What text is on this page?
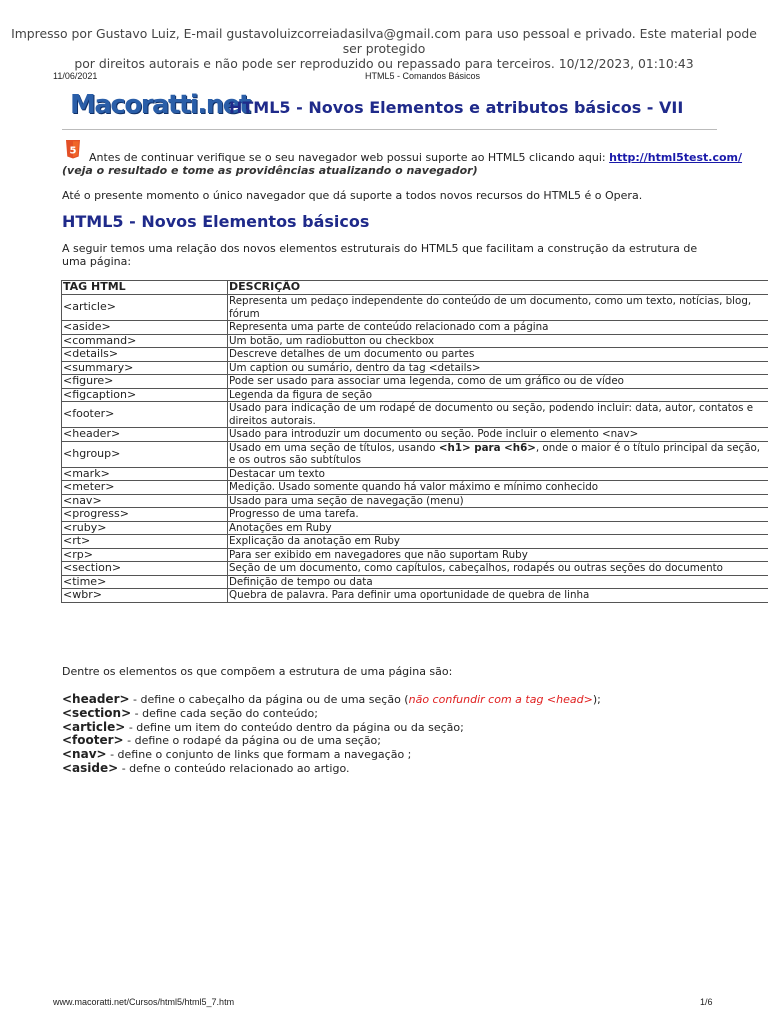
Impresso por Gustavo Luiz, E-mail gustavoluizcorreiadasilva@gmail.com para uso pessoal e privado. Este material pode ser protegido
por direitos autorais e não pode ser reproduzido ou repassado para terceiros. 10/12/2023, 01:10:43
11/06/2021	HTML5 - Comandos Básicos
Macoratti.net
HTML5 - Novos Elementos e atributos básicos - VII
5
Antes de continuar verifique se o seu navegador web possui suporte ao HTML5 clicando aqui: http://html5test.com/
(veja o resultado e tome as providências atualizando o navegador)
Até o presente momento o único navegador que dá suporte a todos novos recursos do HTML5 é o Opera.
HTML5 - Novos Elementos básicos
A seguir temos uma relação dos novos elementos estruturais do HTML5 que facilitam a construção da estrutura de uma página:
TAG HTML	DESCRIÇÃO
<article>	Representa um pedaço independente do conteúdo de um documento, como um texto, notícias, blog, fórum
<aside>	Representa uma parte de conteúdo relacionado com a página
<command>	Um botão, um radiobutton ou checkbox
<details>	Descreve detalhes de um documento ou partes
<summary>	Um caption ou sumário, dentro da tag <details>
<figure>	Pode ser usado para associar uma legenda, como de um gráfico ou de vídeo
<figcaption>	Legenda da figura de seção
<footer>	Usado para indicação de um rodapé de documento ou seção, podendo incluir: data, autor, contatos e direitos autorais.
<header>	Usado para introduzir um documento ou seção. Pode incluir o elemento <nav>
<hgroup>	Usado em uma seção de títulos, usando <h1> para <h6>, onde o maior é o título principal da seção, e os outros são subtítulos
<mark>	Destacar um texto
<meter>	Medição. Usado somente quando há valor máximo e mínimo conhecido
<nav>	Usado para uma seção de navegação (menu)
<progress>	Progresso de uma tarefa.
<ruby>	Anotações em Ruby
<rt>	Explicação da anotação em Ruby
<rp>	Para ser exibido em navegadores que não suportam Ruby
<section>	Seção de um documento, como capítulos, cabeçalhos, rodapés ou outras seções do documento
<time>	Definição de tempo ou data
<wbr>	Quebra de palavra. Para definir uma oportunidade de quebra de linha
Dentre os elementos os que compõem a estrutura de uma página são:
<header> - define o cabeçalho da página ou de uma seção (não confundir com a tag <head>);
<section> - define cada seção do conteúdo;
<article> - define um item do conteúdo dentro da página ou da seção;
<footer> - define o rodapé da página ou de uma seção;
<nav> - define o conjunto de links que formam a navegação ;
<aside> - defne o conteúdo relacionado ao artigo.
www.macoratti.net/Cursos/html5/html5_7.htm	1/6
